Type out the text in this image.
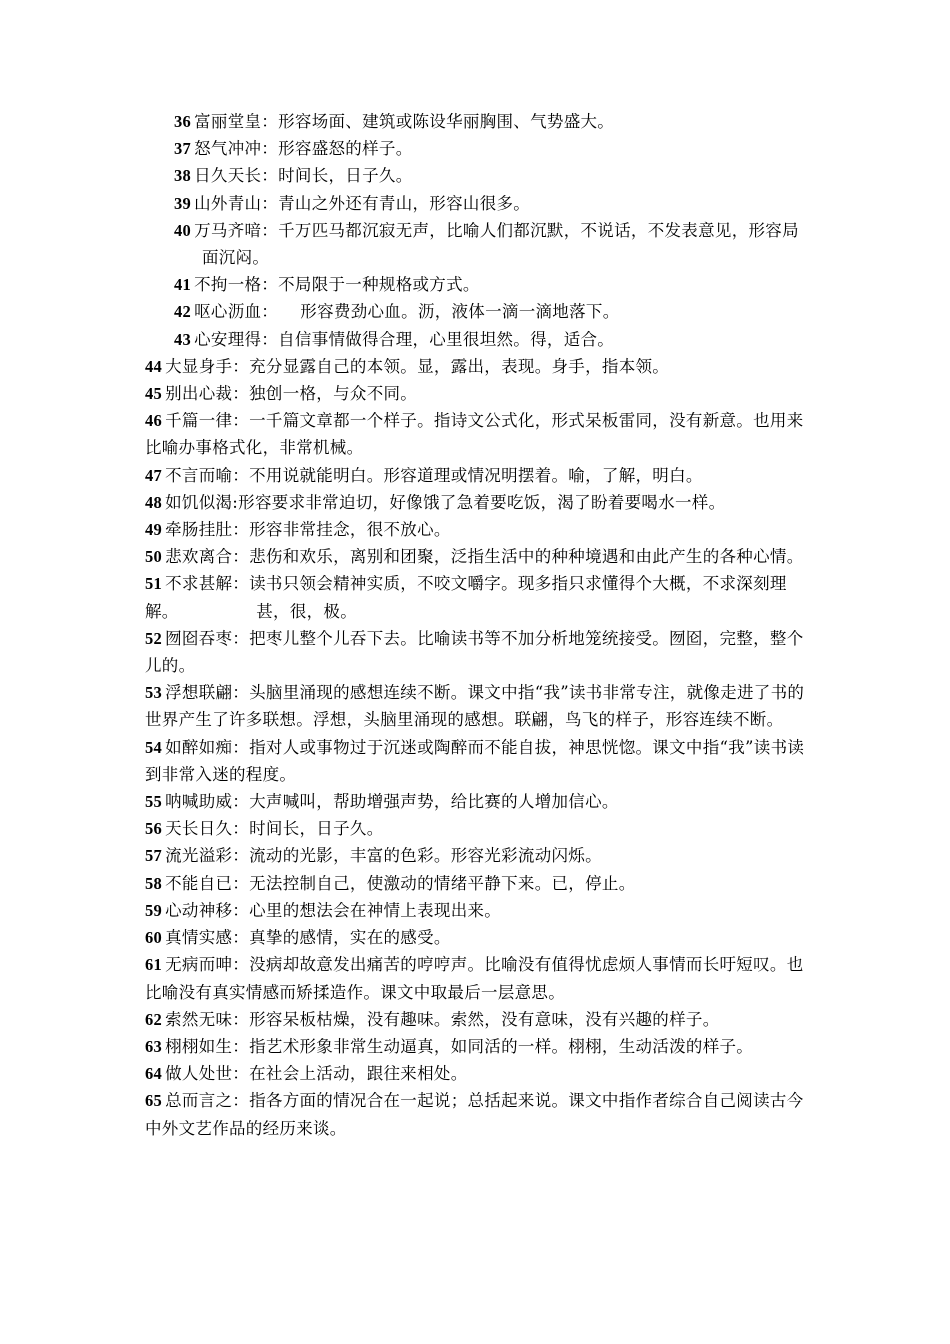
36 富丽堂皇：形容场面、建筑或陈设华丽胸围、气势盛大。
37 怒气冲冲：形容盛怒的样子。
38 日久天长：时间长，日子久。
39 山外青山：青山之外还有青山，形容山很多。
40 万马齐喑：千万匹马都沉寂无声，比喻人们都沉默，不说话，不发表意见，形容局面沉闷。
41 不拘一格：不局限于一种规格或方式。
42 呕心沥血：    形容费劲心血。沥，液体一滴一滴地落下。
43 心安理得：自信事情做得合理，心里很坦然。得，适合。
44 大显身手：充分显露自己的本领。显，露出，表现。身手，指本领。
45 别出心裁：独创一格，与众不同。
46 千篇一律：一千篇文章都一个样子。指诗文公式化，形式呆板雷同，没有新意。也用来比喻办事格式化，非常机械。
47 不言而喻：不用说就能明白。形容道理或情况明摆着。喻，了解，明白。
48 如饥似渴:形容要求非常迫切，好像饿了急着要吃饭，渴了盼着要喝水一样。
49 牵肠挂肚：形容非常挂念，很不放心。
50 悲欢离合：悲伤和欢乐，离别和团聚，泛指生活中的种种境遇和由此产生的各种心情。
51 不求甚解：读书只领会精神实质，不咬文嚼字。现多指只求懂得个大概，不求深刻理解。              甚，很，极。
52 囫囵吞枣：把枣儿整个儿吞下去。比喻读书等不加分析地笼统接受。囫囵，完整，整个儿的。
53 浮想联翩：头脑里涌现的感想连续不断。课文中指“我”读书非常专注，就像走进了书的世界产生了许多联想。浮想，头脑里涌现的感想。联翩，鸟飞的样子，形容连续不断。
54 如醉如痴：指对人或事物过于沉迷或陶醉而不能自拔，神思恍惚。课文中指“我”读书读到非常入迷的程度。
55 呐喊助威：大声喊叫，帮助增强声势，给比赛的人增加信心。
56 天长日久：时间长，日子久。
57 流光溢彩：流动的光影，丰富的色彩。形容光彩流动闪烁。
58 不能自已：无法控制自己，使激动的情绪平静下来。已，停止。
59 心动神移：心里的想法会在神情上表现出来。
60 真情实感：真挚的感情，实在的感受。
61 无病而呻：没病却故意发出痛苦的哼哼声。比喻没有值得忧虑烦人事情而长吁短叹。也比喻没有真实情感而矫揉造作。课文中取最后一层意思。
62 索然无味：形容呆板枯燥，没有趣味。索然，没有意味，没有兴趣的样子。
63 栩栩如生：指艺术形象非常生动逼真，如同活的一样。栩栩，生动活泼的样子。
64 做人处世：在社会上活动，跟往来相处。
65 总而言之：指各方面的情况合在一起说；总括起来说。课文中指作者综合自己阅读古今中外文艺作品的经历来谈。
